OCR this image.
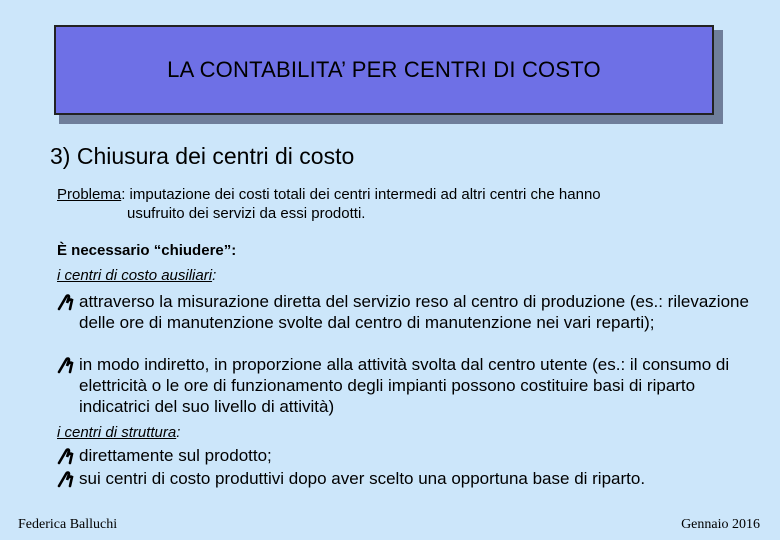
LA CONTABILITA’ PER CENTRI DI COSTO
3) Chiusura dei centri di costo
Problema: imputazione dei costi totali dei centri intermedi ad altri centri che hanno
usufruito dei servizi da essi prodotti.
È necessario “chiudere”:
i centri di costo ausiliari:
attraverso la misurazione diretta del servizio reso al centro di produzione (es.: rilevazione delle ore di manutenzione svolte dal centro di manutenzione nei vari reparti);
in modo indiretto, in proporzione alla attività svolta dal centro utente (es.: il consumo di elettricità o le ore di funzionamento degli impianti possono costituire basi di riparto indicatrici del suo livello di attività)
i centri di struttura:
direttamente sul prodotto;
sui centri di costo produttivi dopo aver scelto una opportuna base di riparto.
Federica Balluchi	Gennaio 2016
